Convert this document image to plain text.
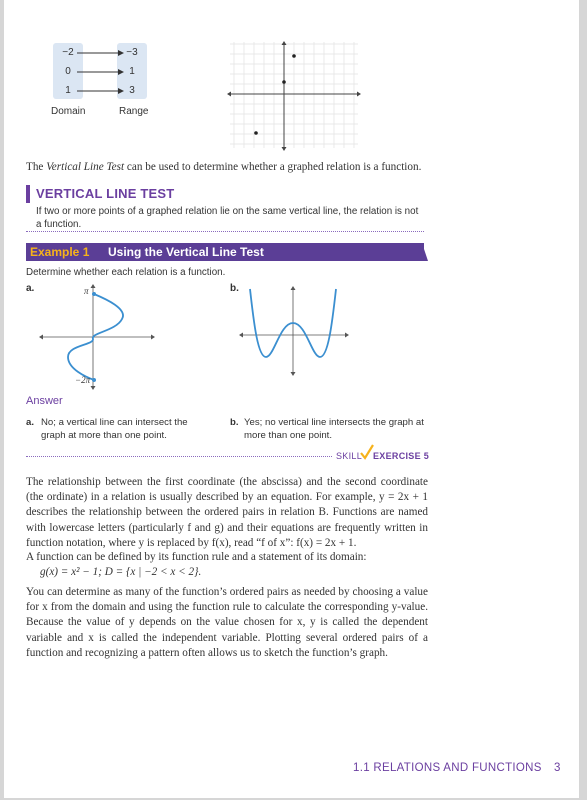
−2
0
1
−3
1
3
Domain	Range
The Vertical Line Test can be used to determine whether a graphed relation is a function.
VERTICAL LINE TEST
If two or more points of a graphed relation lie on the same vertical line, the relation is not a function.
Example 1	Using the Vertical Line Test
Determine whether each relation is a function.
a.	b.
π
−2π
Answer
a. No; a vertical line can intersect the graph at more than one point.
b. Yes; no vertical line intersects the graph at more than one point.
SKILL EXERCISE 5
The relationship between the first coordinate (the abscissa) and the second coordinate (the ordinate) in a relation is usually described by an equation. For example, y = 2x + 1 describes the relationship between the ordered pairs in relation B. Functions are named with lowercase letters (particularly f and g) and their equations are frequently written in function notation, where y is replaced by f(x), read “f of x”: f(x) = 2x + 1.
A function can be defined by its function rule and a statement of its domain:
g(x) = x² − 1; D = {x | −2 < x < 2}.
You can determine as many of the function’s ordered pairs as needed by choosing a value for x from the domain and using the function rule to calculate the corresponding y-value. Because the value of y depends on the value chosen for x, y is called the dependent variable and x is called the independent variable. Plotting several ordered pairs of a function and recognizing a pattern often allows us to sketch the function’s graph.
1.1 RELATIONS AND FUNCTIONS 3
